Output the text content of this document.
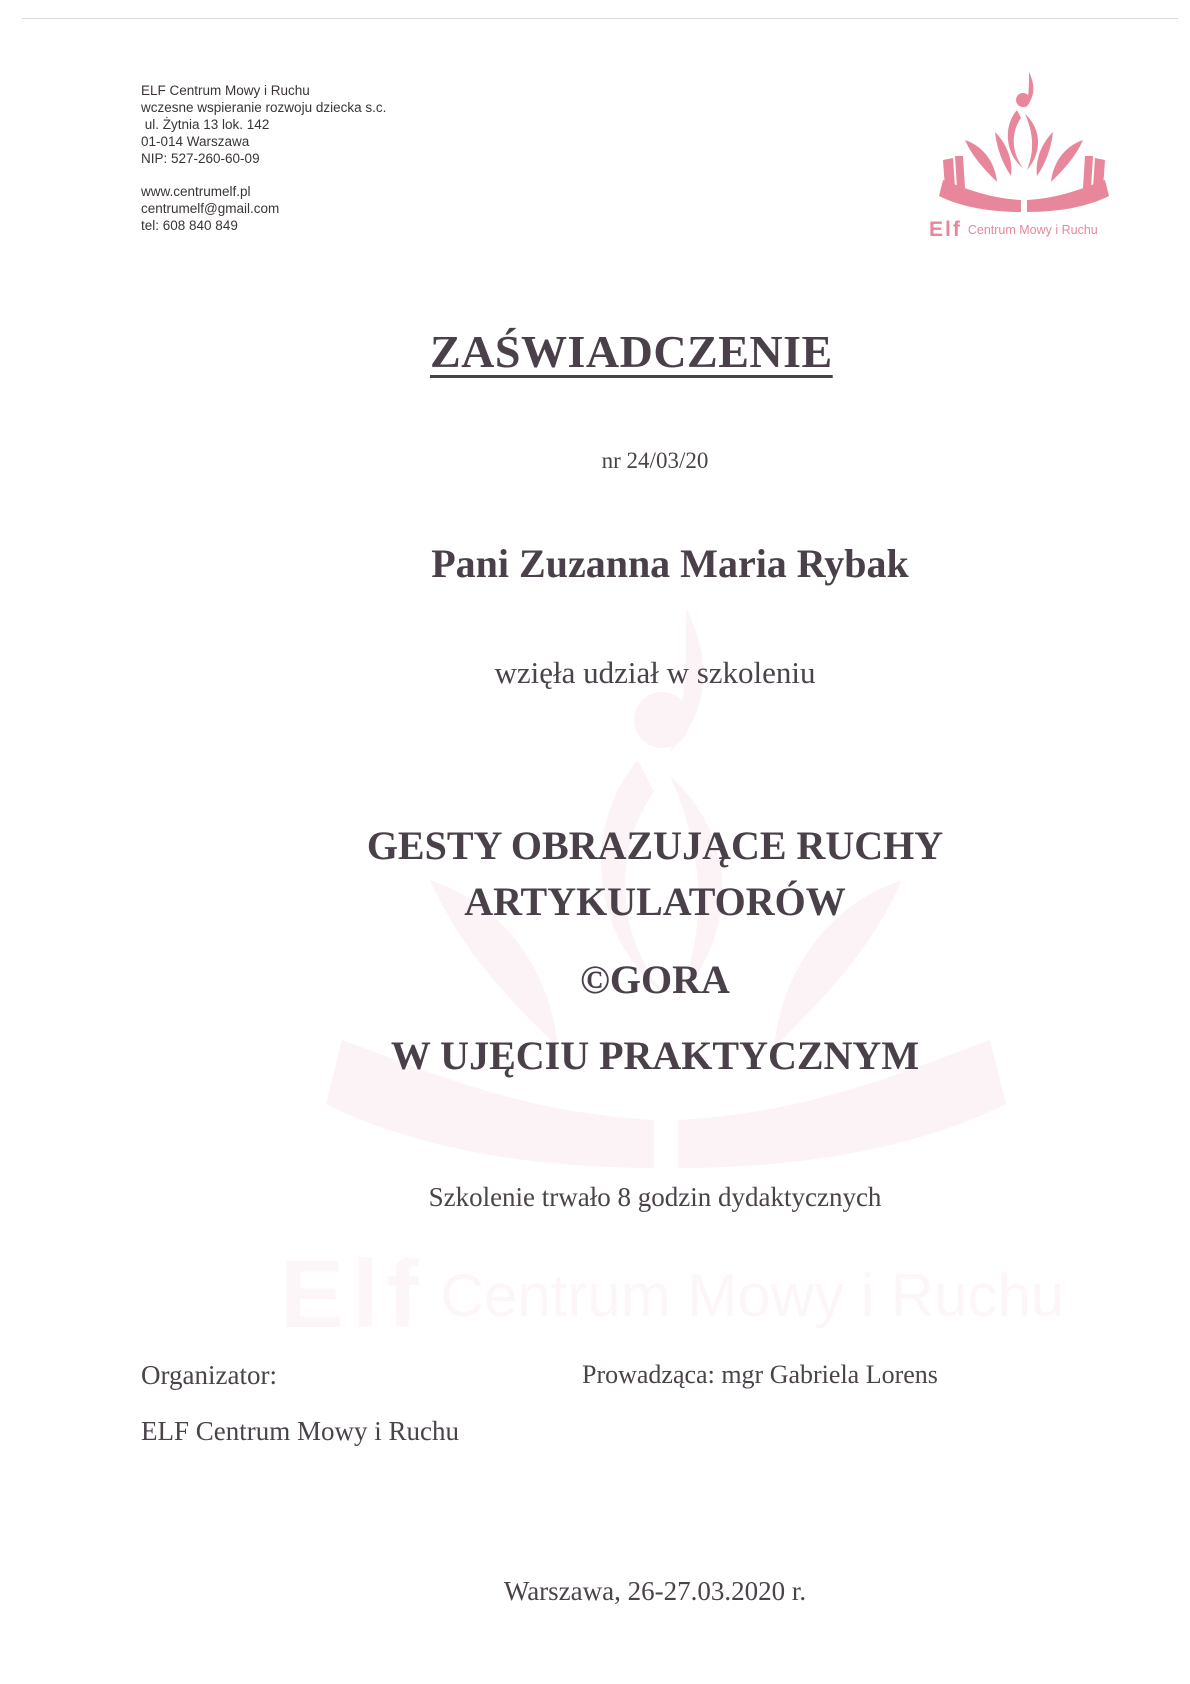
ELF Centrum Mowy i Ruchu
wczesne wspieranie rozwoju dziecka s.c.
ul. Żytnia 13 lok. 142
01-014 Warszawa
NIP: 527-260-60-09
www.centrumelf.pl
centrumelf@gmail.com
tel: 608 840 849	Elf Centrum Mowy i Ruchu
Elf Centrum Mowy i Ruchu
ZAŚWIADCZENIE
nr 24/03/20
Pani Zuzanna Maria Rybak
wzięła udział w szkoleniu
GESTY OBRAZUJĄCE RUCHY
ARTYKULATORÓW
©GORA
W UJĘCIU PRAKTYCZNYM
Szkolenie trwało 8 godzin dydaktycznych
Organizator:
ELF Centrum Mowy i Ruchu
Prowadząca: mgr Gabriela Lorens
Warszawa, 26-27.03.2020 r.
